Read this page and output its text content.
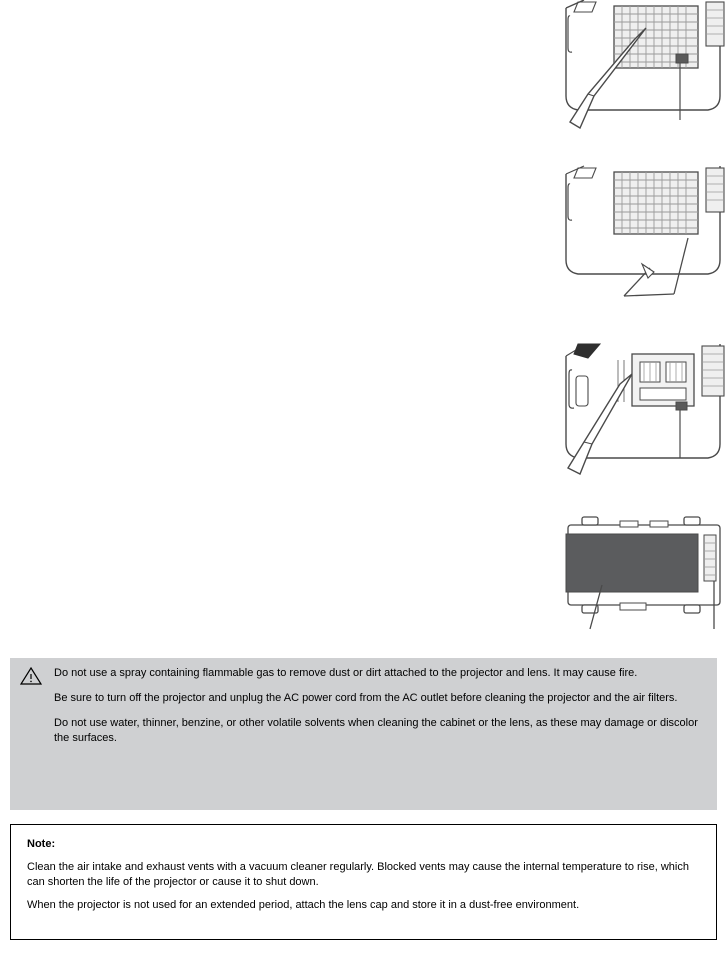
Do not use a spray containing flammable gas to remove dust or dirt attached to the projector and lens. It may cause fire.

Be sure to turn off the projector and unplug the AC power cord from the AC outlet before cleaning the projector and the air filters.

Do not use water, thinner, benzine, or other volatile solvents when cleaning the cabinet or the lens, as these may damage or discolor the surfaces.

Note:

Clean the air intake and exhaust vents with a vacuum cleaner regularly. Blocked vents may cause the internal temperature to rise, which can shorten the life of the projector or cause it to shut down.

When the projector is not used for an extended period, attach the lens cap and store it in a dust-free environment.
